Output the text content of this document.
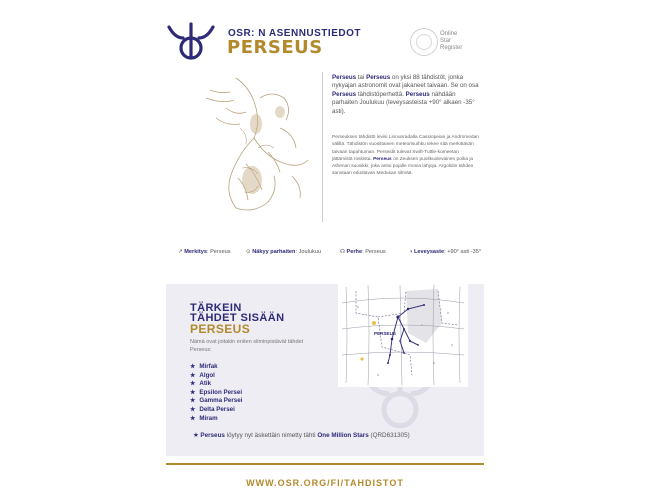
OSR: N ASENNUSTIEDOT
PERSEUS
Online
Star
Register
Perseus tai Perseus on yksi 88 tähdistöt, jonka nykyajan astronomit ovat jakaneet taivaan. Se on osa Perseus tähdistöperhettä. Perseus nähdään parhaiten Joulukuu (leveysasteista +90° alkaen -35° asti).
Perseuksen tähdistö levisi Linnunradalla Cassiopeian ja Andromedan välillä. Tähdistön vuosittainen meteorisuihku tekee sitä merkittävän taivaan tapahtuman. Perseidit tulevat Swift-Tuttle-komeetan jättämistä roskista. Perseus on Zeuksen puolikuolevainen poika ja Athenan suosikki, joka antoi pojalle monia lahjoja. Argolidin tähden sanotaan edustavan Medusan silmää.
↗ Merkitys: Perseus	⊙ Näkyy parhaiten: Joulukuu	☊ Perhe: Perseus	◑ Leveysaste: +90° asti -35°
TÄRKEIN
TÄHDET SISÄÄN
PERSEUS
Nämä ovat joitakin eniten silminpistävät tähdet Perseus:
★ Mirfak
★ Algol
★ Atik
★ Epsilon Persei
★ Gamma Persei
★ Delta Persei
★ Miram
PERSEUS
★ Perseus löytyy nyt äskettäin nimetty tähti One Million Stars (QRD631305)
WWW.OSR.ORG/FI/TAHDISTOT
